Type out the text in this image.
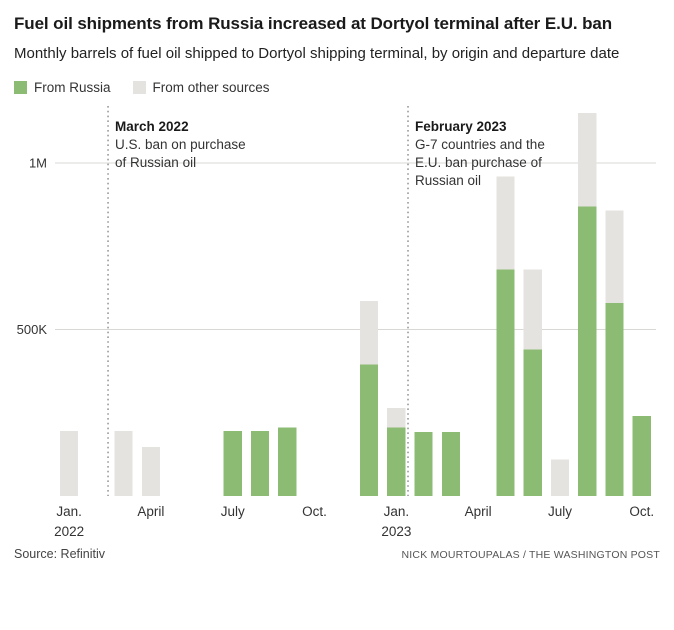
Fuel oil shipments from Russia increased at Dortyol terminal after E.U. ban

Monthly barrels of fuel oil shipped to Dortyol shipping terminal, by origin and departure date

From Russia	From other sources
1M
500K
March 2022
U.S. ban on purchase
of Russian oil
February 2023
G-7 countries and the
E.U. ban purchase of
Russian oil
Jan.
2022
April	July	Oct.	Jan.
2023
April	July	Oct.
Source: Refinitiv	NICK MOURTOUPALAS / THE WASHINGTON POST
